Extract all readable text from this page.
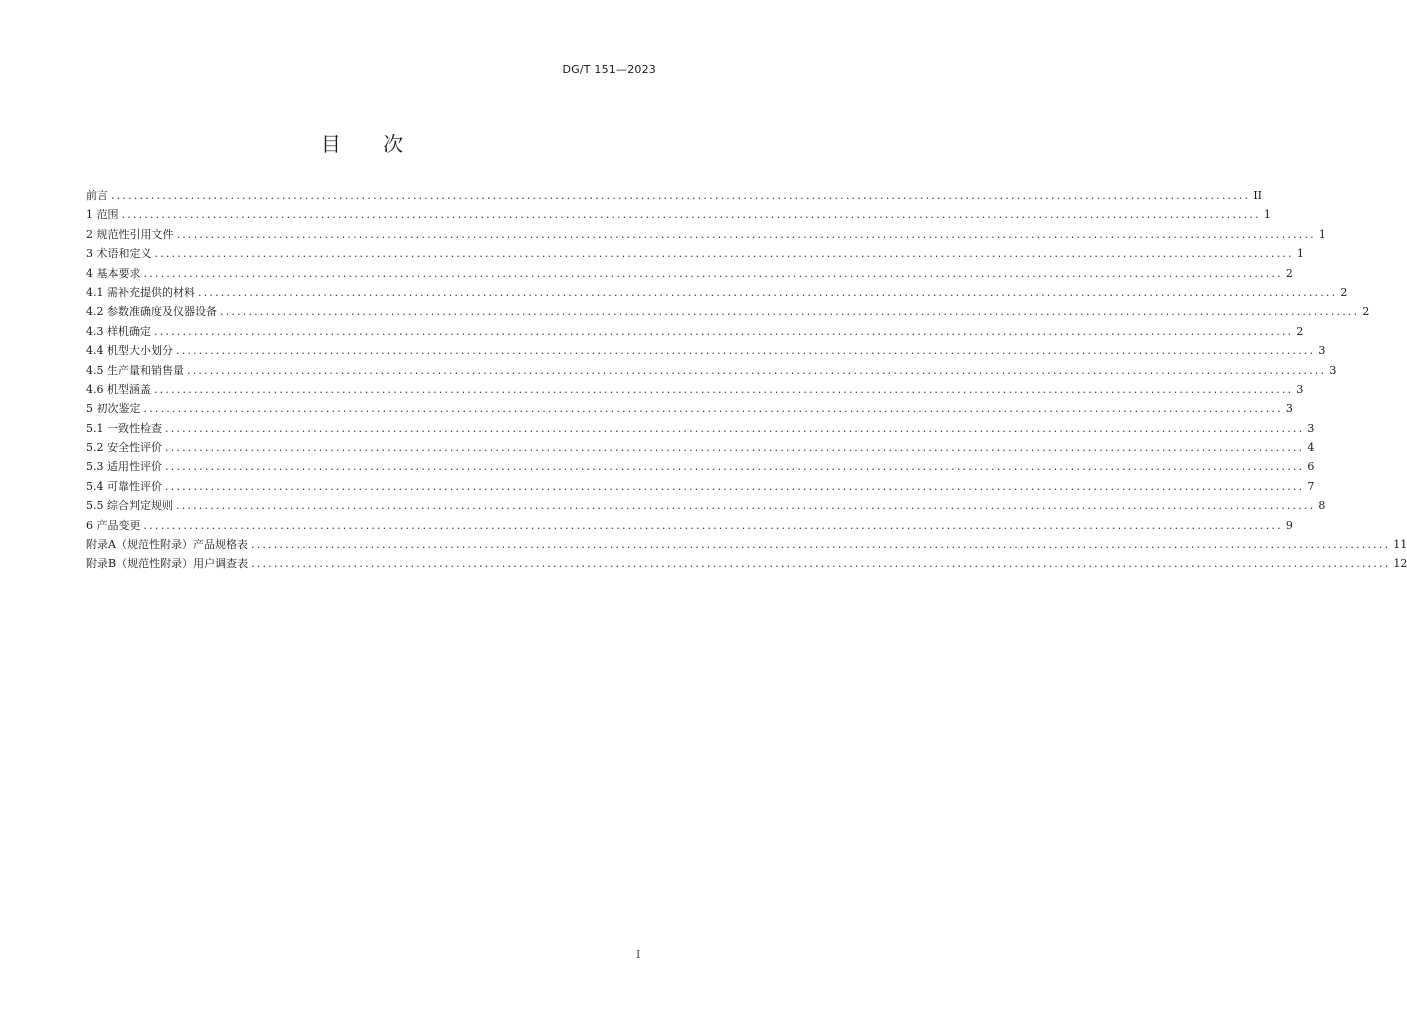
DG/T 151—2023
目 次
前言 ........................................................................................................................................................................................................ II
1 范围 ........................................................................................................................................................................................................ 1
2 规范性引用文件 ........................................................................................................................................................................................................ 1
3 术语和定义 ........................................................................................................................................................................................................ 1
4 基本要求 ........................................................................................................................................................................................................ 2
4.1 需补充提供的材料 ........................................................................................................................................................................................................ 2
4.2 参数准确度及仪器设备 ........................................................................................................................................................................................................ 2
4.3 样机确定 ........................................................................................................................................................................................................ 2
4.4 机型大小划分 ........................................................................................................................................................................................................ 3
4.5 生产量和销售量 ........................................................................................................................................................................................................ 3
4.6 机型涵盖 ........................................................................................................................................................................................................ 3
5 初次鉴定 ........................................................................................................................................................................................................ 3
5.1 一致性检查 ........................................................................................................................................................................................................ 3
5.2 安全性评价 ........................................................................................................................................................................................................ 4
5.3 适用性评价 ........................................................................................................................................................................................................ 6
5.4 可靠性评价 ........................................................................................................................................................................................................ 7
5.5 综合判定规则 ........................................................................................................................................................................................................ 8
6 产品变更 ........................................................................................................................................................................................................ 9
附录A（规范性附录）产品规格表 ........................................................................................................................................................................................................ 11
附录B（规范性附录）用户调查表 ........................................................................................................................................................................................................ 12
I
